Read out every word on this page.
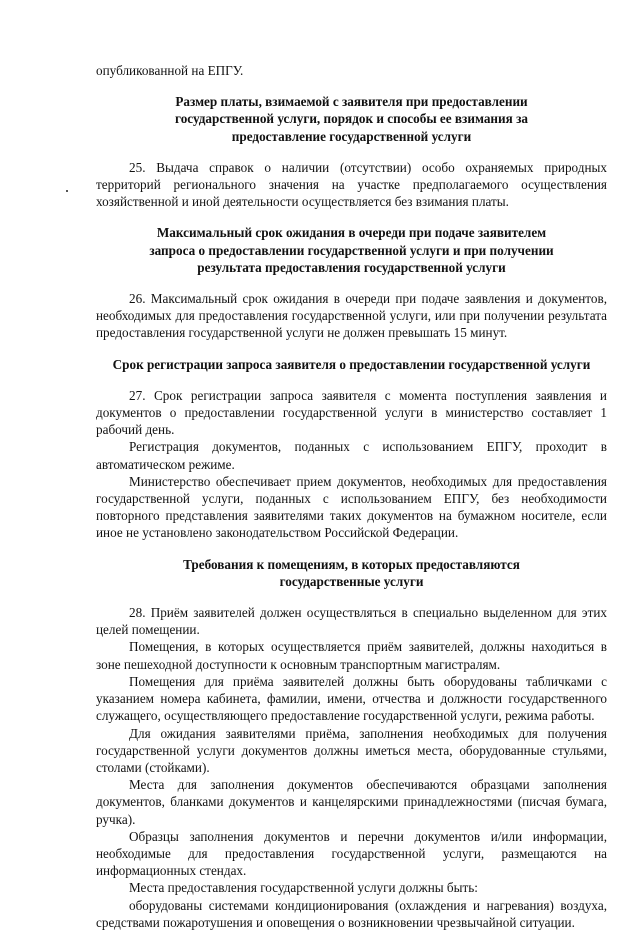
опубликованной на ЕПГУ.

Размер платы, взимаемой с заявителя при предоставлении
государственной услуги, порядок и способы ее взимания за
предоставление государственной услуги

25. Выдача справок о наличии (отсутствии) особо охраняемых природных территорий регионального значения на участке предполагаемого осуществления хозяйственной и иной деятельности осуществляется без взимания платы.

Максимальный срок ожидания в очереди при подаче заявителем
запроса о предоставлении государственной услуги и при получении
результата предоставления государственной услуги

26. Максимальный срок ожидания в очереди при подаче заявления и документов, необходимых для предоставления государственной услуги, или при получении результата предоставления государственной услуги не должен превышать 15 минут.

Срок регистрации запроса заявителя о предоставлении государственной услуги

27. Срок регистрации запроса заявителя с момента поступления заявления и документов о предоставлении государственной услуги в министерство составляет 1 рабочий день.

Регистрация документов, поданных с использованием ЕПГУ, проходит в автоматическом режиме.

Министерство обеспечивает прием документов, необходимых для предоставления государственной услуги, поданных с использованием ЕПГУ, без необходимости повторного представления заявителями таких документов на бумажном носителе, если иное не установлено законодательством Российской Федерации.

Требования к помещениям, в которых предоставляются
государственные услуги

28. Приём заявителей должен осуществляться в специально выделенном для этих целей помещении.

Помещения, в которых осуществляется приём заявителей, должны находиться в зоне пешеходной доступности к основным транспортным магистралям.

Помещения для приёма заявителей должны быть оборудованы табличками с указанием номера кабинета, фамилии, имени, отчества и должности государственного служащего, осуществляющего предоставление государственной услуги, режима работы.

Для ожидания заявителями приёма, заполнения необходимых для получения государственной услуги документов должны иметься места, оборудованные стульями, столами (стойками).

Места для заполнения документов обеспечиваются образцами заполнения документов, бланками документов и канцелярскими принадлежностями (писчая бумага, ручка).

Образцы заполнения документов и перечни документов и/или информации, необходимые для предоставления государственной услуги, размещаются на информационных стендах.

Места предоставления государственной услуги должны быть:

оборудованы системами кондиционирования (охлаждения и нагревания) воздуха, средствами пожаротушения и оповещения о возникновении чрезвычайной ситуации.
